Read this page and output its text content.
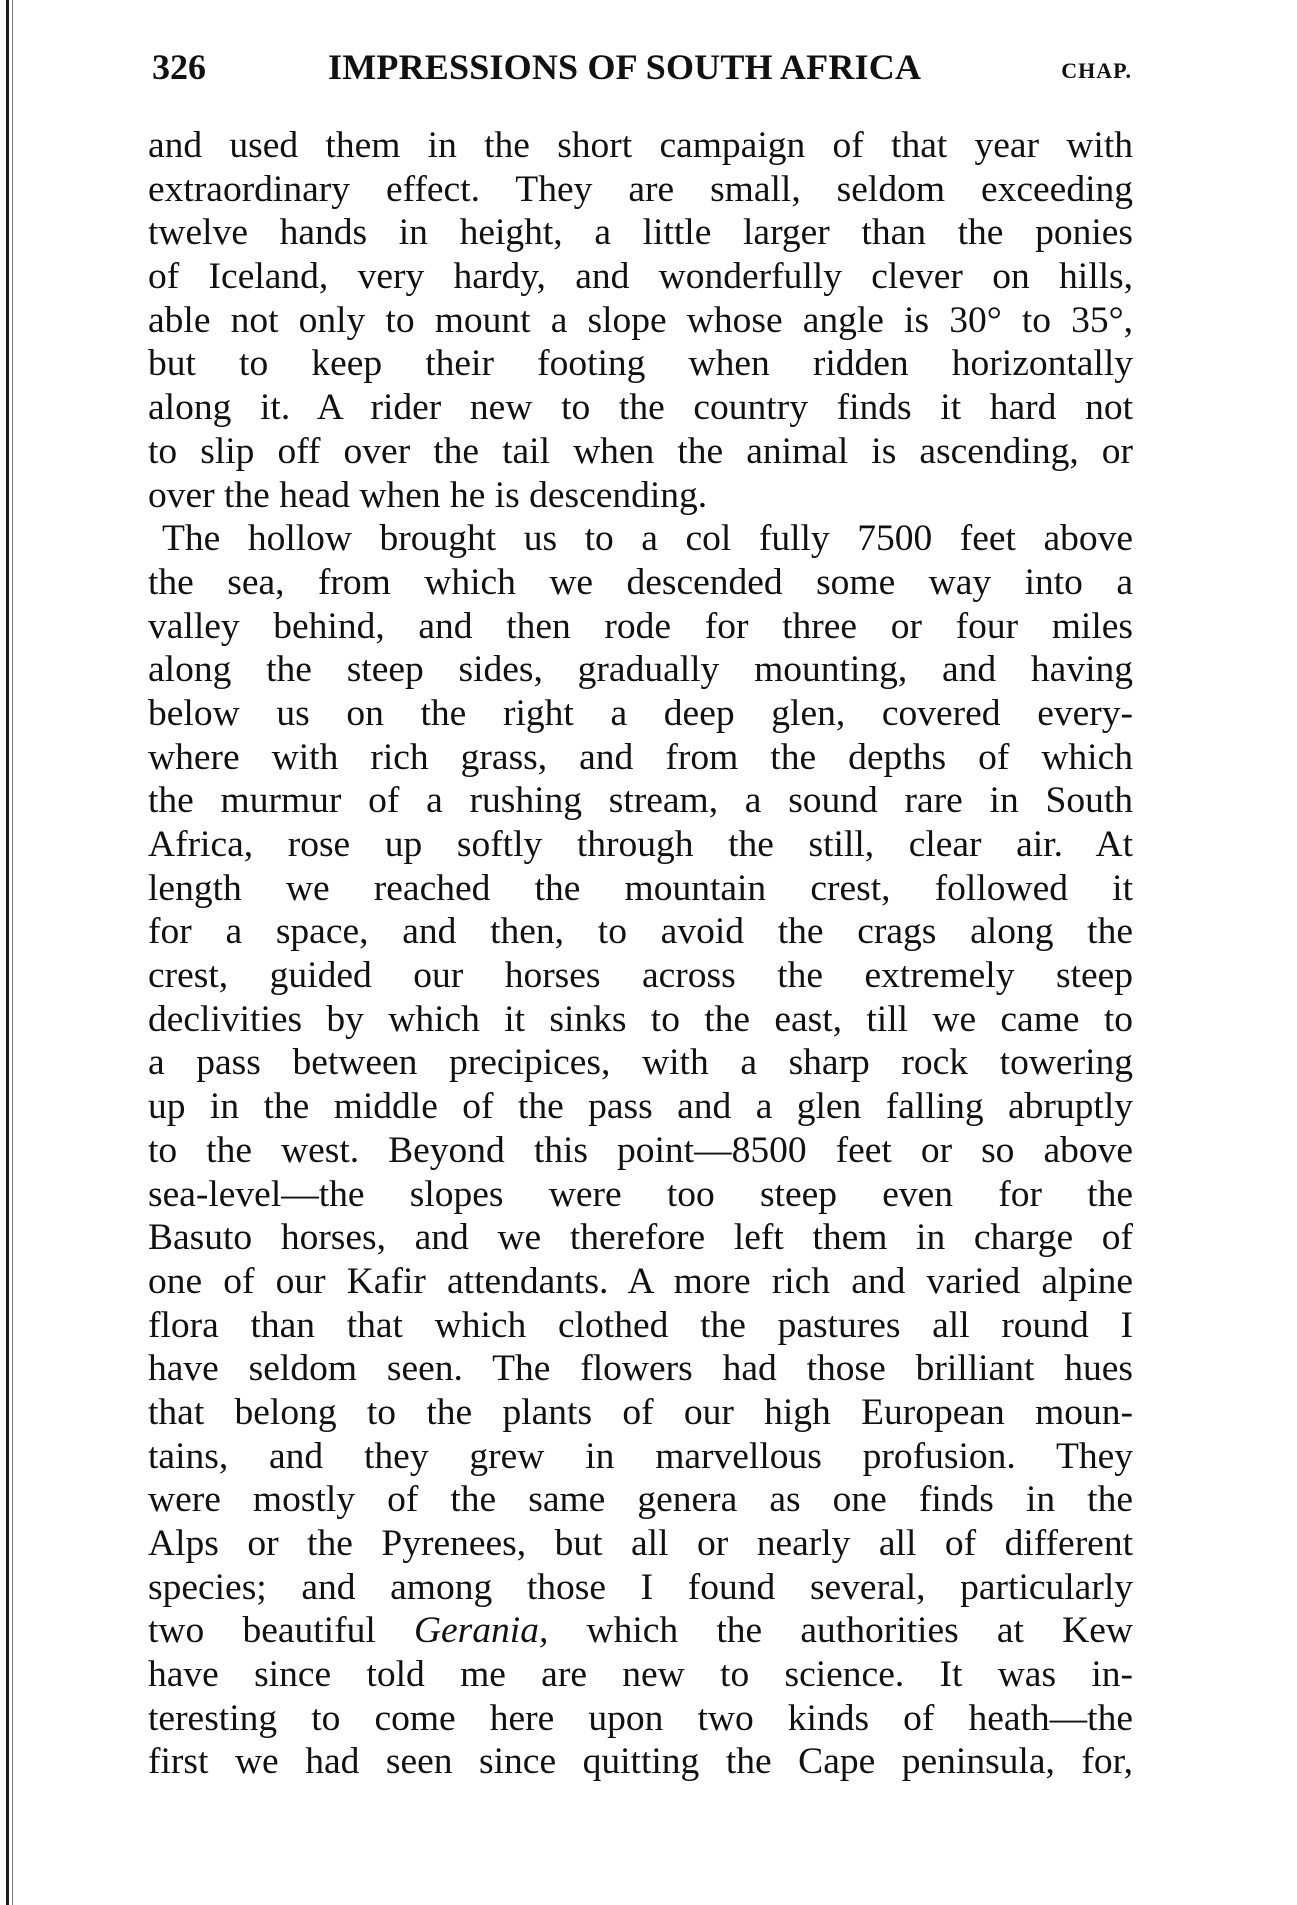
326	IMPRESSIONS OF SOUTH AFRICA	CHAP.
and used them in the short campaign of that year with
extraordinary effect. They are small, seldom exceeding
twelve hands in height, a little larger than the ponies
of Iceland, very hardy, and wonderfully clever on hills,
able not only to mount a slope whose angle is 30° to 35°,
but to keep their footing when ridden horizontally
along it. A rider new to the country finds it hard not
to slip off over the tail when the animal is ascending, or
over the head when he is descending.
The hollow brought us to a col fully 7500 feet above
the sea, from which we descended some way into a
valley behind, and then rode for three or four miles
along the steep sides, gradually mounting, and having
below us on the right a deep glen, covered every-
where with rich grass, and from the depths of which
the murmur of a rushing stream, a sound rare in South
Africa, rose up softly through the still, clear air. At
length we reached the mountain crest, followed it
for a space, and then, to avoid the crags along the
crest, guided our horses across the extremely steep
declivities by which it sinks to the east, till we came to
a pass between precipices, with a sharp rock towering
up in the middle of the pass and a glen falling abruptly
to the west. Beyond this point—8500 feet or so above
sea-level—the slopes were too steep even for the
Basuto horses, and we therefore left them in charge of
one of our Kafir attendants. A more rich and varied alpine
flora than that which clothed the pastures all round I
have seldom seen. The flowers had those brilliant hues
that belong to the plants of our high European moun-
tains, and they grew in marvellous profusion. They
were mostly of the same genera as one finds in the
Alps or the Pyrenees, but all or nearly all of different
species; and among those I found several, particularly
two beautiful Gerania, which the authorities at Kew
have since told me are new to science. It was in-
teresting to come here upon two kinds of heath—the
first we had seen since quitting the Cape peninsula, for,
